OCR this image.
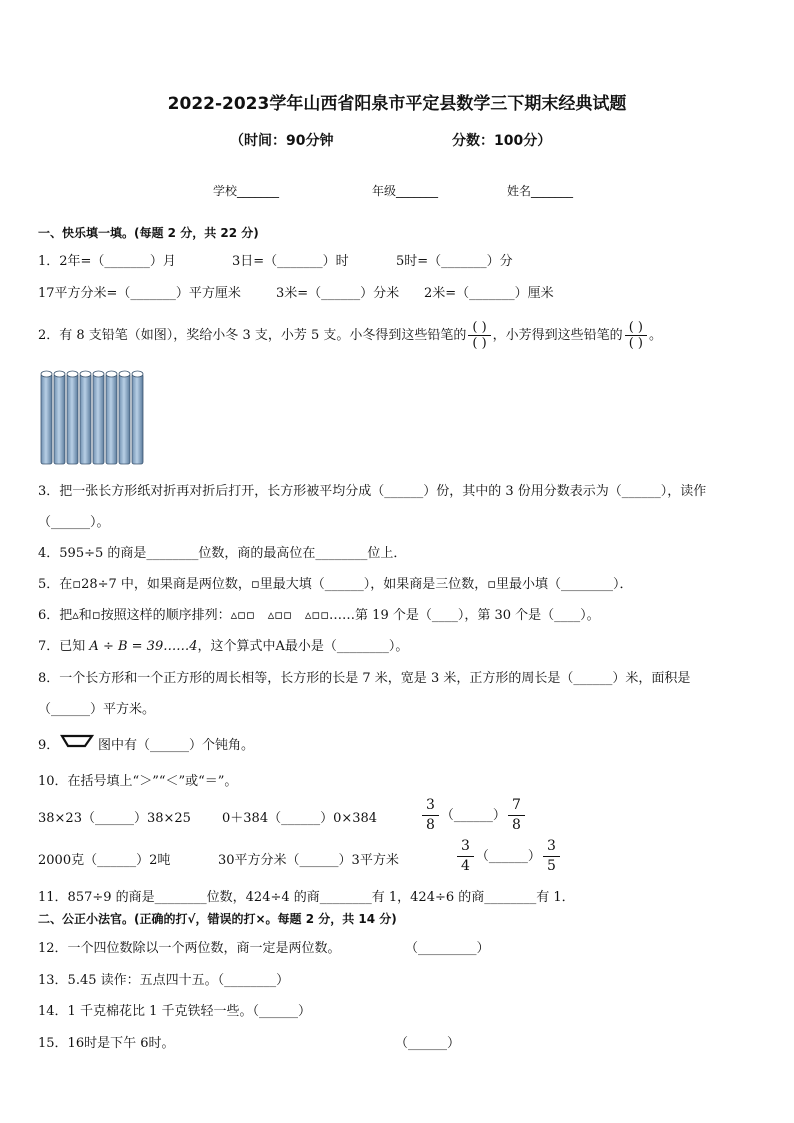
2022-2023学年山西省阳泉市平定县数学三下期末经典试题
（时间：90分钟	分数：100分）
学校_______	年级_______	姓名_______
一、快乐填一填。(每题 2 分，共 22 分)
1．2年=（_______）月	3日=（_______）时	5时=（_______）分
17平方分米=（_______）平方厘米	3米=（______）分米 2米=（_______）厘米
2．有 8 支铅笔（如图），奖给小冬 3 支，小芳 5 支。小冬得到这些铅笔的 $\frac{( )}{( )}$ ，小芳得到这些铅笔的 $\frac{( )}{( )}$ 。
3．把一张长方形纸对折再对折后打开，长方形被平均分成（______）份，其中的 3 份用分数表示为（______），读作
（______）。
4．595÷5 的商是________位数，商的最高位在________位上．
5．在▫28÷7 中，如果商是两位数，▫里最大填（______），如果商是三位数，▫里最小填（________）．
6．把▵和▫按照这样的顺序排列：▵▫▫　▵▫▫　▵▫▫……第 19 个是（____），第 30 个是（____）。
7．已知 A ÷ B = 39……4，这个算式中A最小是（________）。
8．一个长方形和一个正方形的周长相等，长方形的长是 7 米，宽是 3 米，正方形的周长是（______）米，面积是
（______）平方米。
9．	图中有（______）个钝角。
10．在括号填上“＞”“＜”或“＝”。
38×23（______）38×25 0＋384（______）0×384	$\frac{3}{8}$ （______） $\frac{7}{8}$
2000克（______）2吨	30平方分米（______）3平方米	$\frac{3}{4}$ （______） $\frac{3}{5}$
11．857÷9 的商是________位数，424÷4 的商________有 1，424÷6 的商________有 1．
二、公正小法官。(正确的打√，错误的打×。每题 2 分，共 14 分)
12．一个四位数除以一个两位数，商一定是两位数。	（_________）
13．5.45 读作：五点四十五。（________）
14．1 千克棉花比 1 千克铁轻一些。（______）
15．16时是下午 6时。	（______）
